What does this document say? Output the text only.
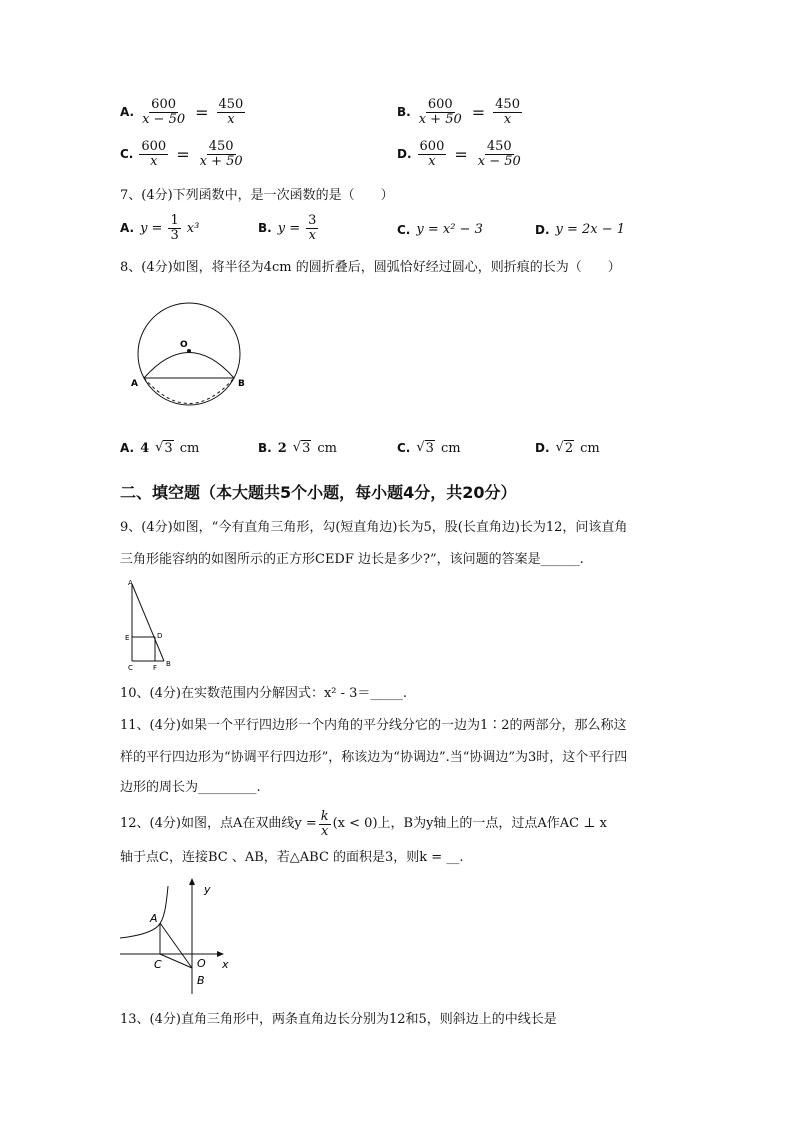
A. $\frac{600}{x - 50} = \frac{450}{x}$	B. $\frac{600}{x + 50} = \frac{450}{x}$
C. $\frac{600}{x} = \frac{450}{x + 50}$	D. $\frac{600}{x} = \frac{450}{x - 50}$
7、(4分)下列函数中，是一次函数的是（　　）
A. $y = \frac{1}{3} x^3$	B. $y = \frac{3}{x}$	C. y = x² − 3	D. y = 2x − 1
8、(4分)如图，将半径为4cm 的圆折叠后，圆弧恰好经过圆心，则折痕的长为（　　）
O
A	B
A. 4 √ 3 cm	B. 2 √ 3 cm	C. √ 3 cm	D. √ 2 cm
二、填空题（本大题共5个小题，每小题4分，共20分）
9、(4分)如图，“今有直角三角形，勾(短直角边)长为5，股(长直角边)长为12，问该直角
三角形能容纳的如图所示的正方形CEDF 边长是多少?”，该问题的答案是______.
A
E	D
C	F B
10、(4分)在实数范围内分解因式：x² - 3＝_____.
11、(4分)如果一个平行四边形一个内角的平分线分它的一边为1∶2的两部分，那么称这
样的平行四边形为“协调平行四边形”，称该边为“协调边”.当“协调边”为3时，这个平行四
边形的周长为_________.
12、(4分)如图，点A在双曲线$y = \frac{k}{x} (x < 0)$上，B为y轴上的一点，过点A作AC ⊥ x
轴于点C，连接BC 、AB，若△ABC 的面积是3，则k = __.
y
x
A
C	O
B
13、(4分)直角三角形中，两条直角边长分别为12和5，则斜边上的中线长是
